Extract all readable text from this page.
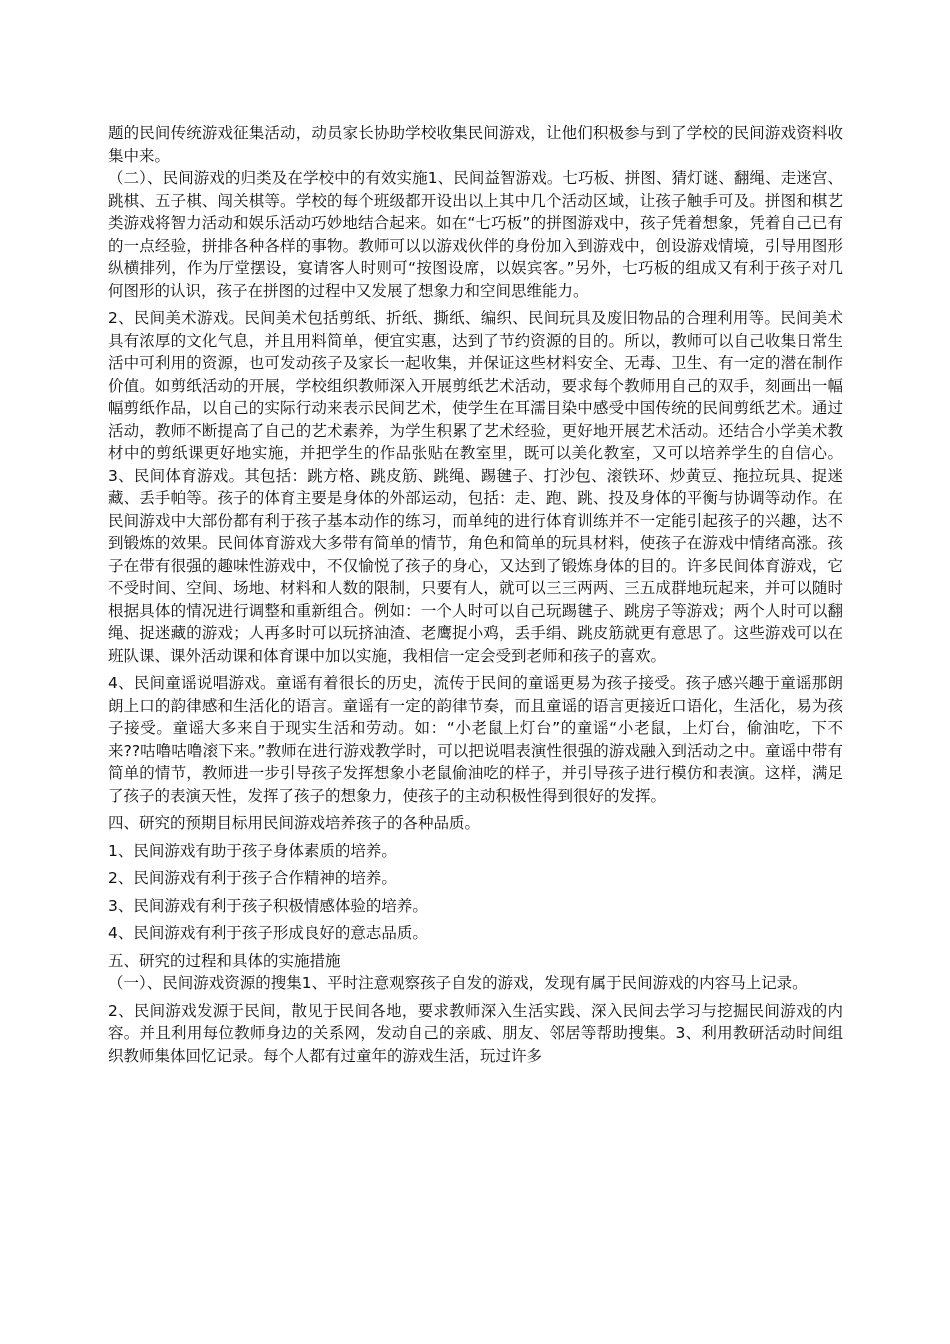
题的民间传统游戏征集活动，动员家长协助学校收集民间游戏，让他们积极参与到了学校的民间游戏资料收集中来。

（二）、民间游戏的归类及在学校中的有效实施1、民间益智游戏。七巧板、拼图、猜灯谜、翻绳、走迷宫、跳棋、五子棋、闯关棋等。学校的每个班级都开设出以上其中几个活动区域，让孩子触手可及。拼图和棋艺类游戏将智力活动和娱乐活动巧妙地结合起来。如在“七巧板”的拼图游戏中，孩子凭着想象，凭着自己已有的一点经验，拼排各种各样的事物。教师可以以游戏伙伴的身份加入到游戏中，创设游戏情境，引导用图形纵横排列，作为厅堂摆设，宴请客人时则可“按图设席，以娱宾客。”另外，七巧板的组成又有利于孩子对几何图形的认识，孩子在拼图的过程中又发展了想象力和空间思维能力。

2、民间美术游戏。民间美术包括剪纸、折纸、撕纸、编织、民间玩具及废旧物品的合理利用等。民间美术具有浓厚的文化气息，并且用料简单，便宜实惠，达到了节约资源的目的。所以，教师可以自己收集日常生活中可利用的资源，也可发动孩子及家长一起收集，并保证这些材料安全、无毒、卫生、有一定的潜在制作价值。如剪纸活动的开展，学校组织教师深入开展剪纸艺术活动，要求每个教师用自己的双手，刻画出一幅幅剪纸作品，以自己的实际行动来表示民间艺术，使学生在耳濡目染中感受中国传统的民间剪纸艺术。通过活动，教师不断提高了自己的艺术素养，为学生积累了艺术经验，更好地开展艺术活动。还结合小学美术教材中的剪纸课更好地实施，并把学生的作品张贴在教室里，既可以美化教室，又可以培养学生的自信心。3、民间体育游戏。其包括：跳方格、跳皮筋、跳绳、踢毽子、打沙包、滚铁环、炒黄豆、拖拉玩具、捉迷藏、丢手帕等。孩子的体育主要是身体的外部运动，包括：走、跑、跳、投及身体的平衡与协调等动作。在民间游戏中大部份都有利于孩子基本动作的练习，而单纯的进行体育训练并不一定能引起孩子的兴趣，达不到锻炼的效果。民间体育游戏大多带有简单的情节，角色和简单的玩具材料，使孩子在游戏中情绪高涨。孩子在带有很强的趣味性游戏中，不仅愉悦了孩子的身心，又达到了锻炼身体的目的。许多民间体育游戏，它不受时间、空间、场地、材料和人数的限制，只要有人，就可以三三两两、三五成群地玩起来，并可以随时根据具体的情况进行调整和重新组合。例如：一个人时可以自己玩踢毽子、跳房子等游戏；两个人时可以翻绳、捉迷藏的游戏；人再多时可以玩挤油渣、老鹰捉小鸡，丢手绢、跳皮筋就更有意思了。这些游戏可以在班队课、课外活动课和体育课中加以实施，我相信一定会受到老师和孩子的喜欢。

4、民间童谣说唱游戏。童谣有着很长的历史，流传于民间的童谣更易为孩子接受。孩子感兴趣于童谣那朗朗上口的韵律感和生活化的语言。童谣有一定的韵律节奏，而且童谣的语言更接近口语化，生活化，易为孩子接受。童谣大多来自于现实生活和劳动。如：“小老鼠上灯台”的童谣“小老鼠，上灯台，偷油吃，下不来??咕噜咕噜滚下来。”教师在进行游戏教学时，可以把说唱表演性很强的游戏融入到活动之中。童谣中带有简单的情节，教师进一步引导孩子发挥想象小老鼠偷油吃的样子，并引导孩子进行模仿和表演。这样，满足了孩子的表演天性，发挥了孩子的想象力，使孩子的主动积极性得到很好的发挥。

四、研究的预期目标用民间游戏培养孩子的各种品质。

1、民间游戏有助于孩子身体素质的培养。

2、民间游戏有利于孩子合作精神的培养。

3、民间游戏有利于孩子积极情感体验的培养。

4、民间游戏有利于孩子形成良好的意志品质。

五、研究的过程和具体的实施措施

（一）、民间游戏资源的搜集1、平时注意观察孩子自发的游戏，发现有属于民间游戏的内容马上记录。

2、民间游戏发源于民间，散见于民间各地，要求教师深入生活实践、深入民间去学习与挖掘民间游戏的内容。并且利用每位教师身边的关系网，发动自己的亲戚、朋友、邻居等帮助搜集。3、利用教研活动时间组织教师集体回忆记录。每个人都有过童年的游戏生活，玩过许多
